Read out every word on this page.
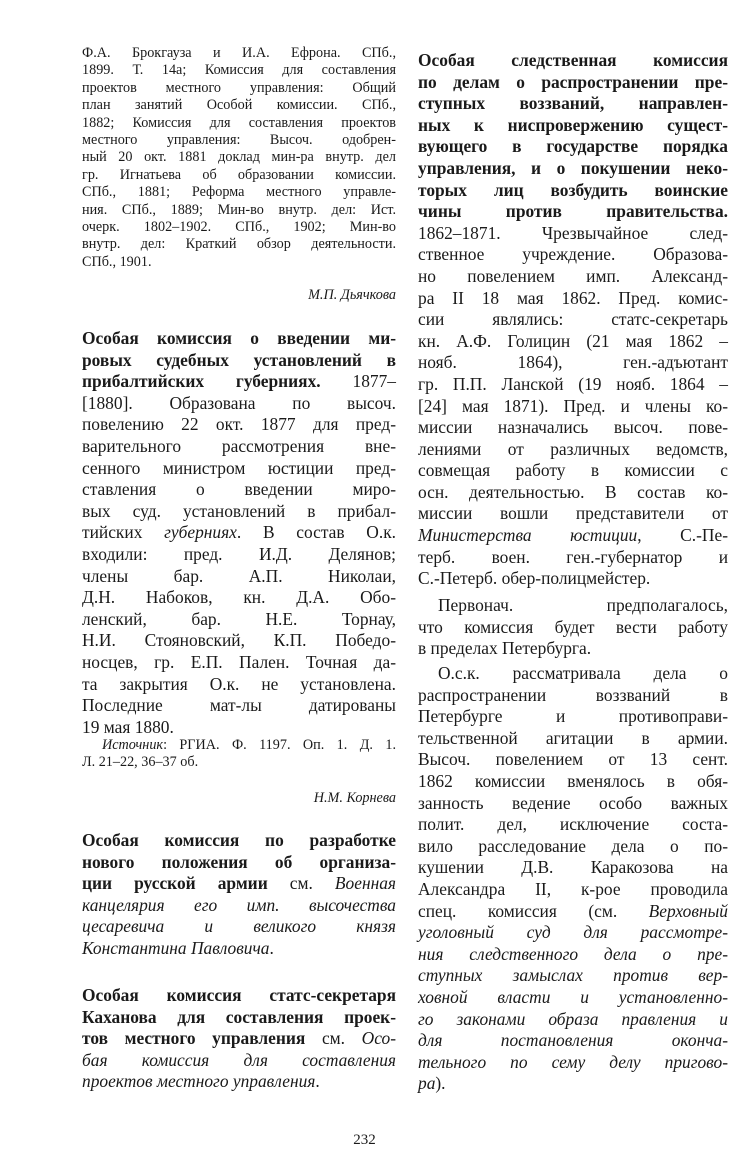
Ф.А. Брокгауза и И.А. Ефрона. СПб.,
1899. Т. 14а; Комиссия для составления
проектов местного управления: Общий
план занятий Особой комиссии. СПб.,
1882; Комиссия для составления проектов
местного управления: Высоч. одобрен-
ный 20 окт. 1881 доклад мин-ра внутр. дел
гр. Игнатьева об образовании комиссии.
СПб., 1881; Реформа местного управле-
ния. СПб., 1889; Мин-во внутр. дел: Ист.
очерк. 1802–1902. СПб., 1902; Мин-во
внутр. дел: Краткий обзор деятельности.
СПб., 1901.
М.П. Дьячкова
Особая комиссия о введении ми-
ровых судебных установлений в
прибалтийских губерниях. 1877–
[1880]. Образована по высоч.
повелению 22 окт. 1877 для пред-
варительного рассмотрения вне-
сенного министром юстиции пред-
ставления о введении миро-
вых суд. установлений в прибал-
тийских губерниях. В состав О.к.
входили: пред. И.Д. Делянов;
члены бар. А.П. Николаи,
Д.Н. Набоков, кн. Д.А. Обо-
ленский, бар. Н.Е. Торнау,
Н.И. Стояновский, К.П. Победо-
носцев, гр. Е.П. Пален. Точная да-
та закрытия О.к. не установлена.
Последние мат-лы датированы
19 мая 1880.
Источник: РГИА. Ф. 1197. Оп. 1. Д. 1.
Л. 21–22, 36–37 об.
Н.М. Корнева
Особая комиссия по разработке
нового положения об организа-
ции русской армии см. Военная
канцелярия его имп. высочества
цесаревича и великого князя
Константина Павловича.
Особая комиссия статс-секретаря
Каханова для составления проек-
тов местного управления см. Осо-
бая комиссия для составления
проектов местного управления.
Особая следственная комиссия
по делам о распространении пре-
ступных воззваний, направлен-
ных к ниспровержению сущест-
вующего в государстве порядка
управления, и о покушении неко-
торых лиц возбудить воинские
чины против правительства.
1862–1871. Чрезвычайное след-
ственное учреждение. Образова-
но повелением имп. Александ-
ра II 18 мая 1862. Пред. комис-
сии являлись: статс-секретарь
кн. А.Ф. Голицин (21 мая 1862 –
нояб. 1864), ген.-адъютант
гр. П.П. Ланской (19 нояб. 1864 –
[24] мая 1871). Пред. и члены ко-
миссии назначались высоч. пове-
лениями от различных ведомств,
совмещая работу в комиссии с
осн. деятельностью. В состав ко-
миссии вошли представители от
Министерства юстиции, С.-Пе-
терб. воен. ген.-губернатор и
С.-Петерб. обер-полицмейстер.
Первонач. предполагалось,
что комиссия будет вести работу
в пределах Петербурга.
О.с.к. рассматривала дела о
распространении воззваний в
Петербурге и противоправи-
тельственной агитации в армии.
Высоч. повелением от 13 сент.
1862 комиссии вменялось в обя-
занность ведение особо важных
полит. дел, исключение соста-
вило расследование дела о по-
кушении Д.В. Каракозова на
Александра II, к-рое проводила
спец. комиссия (см. Верховный
уголовный суд для рассмотре-
ния следственного дела о пре-
ступных замыслах против вер-
ховной власти и установленно-
го законами образа правления и
для постановления оконча-
тельного по сему делу пригово-
ра).
232
